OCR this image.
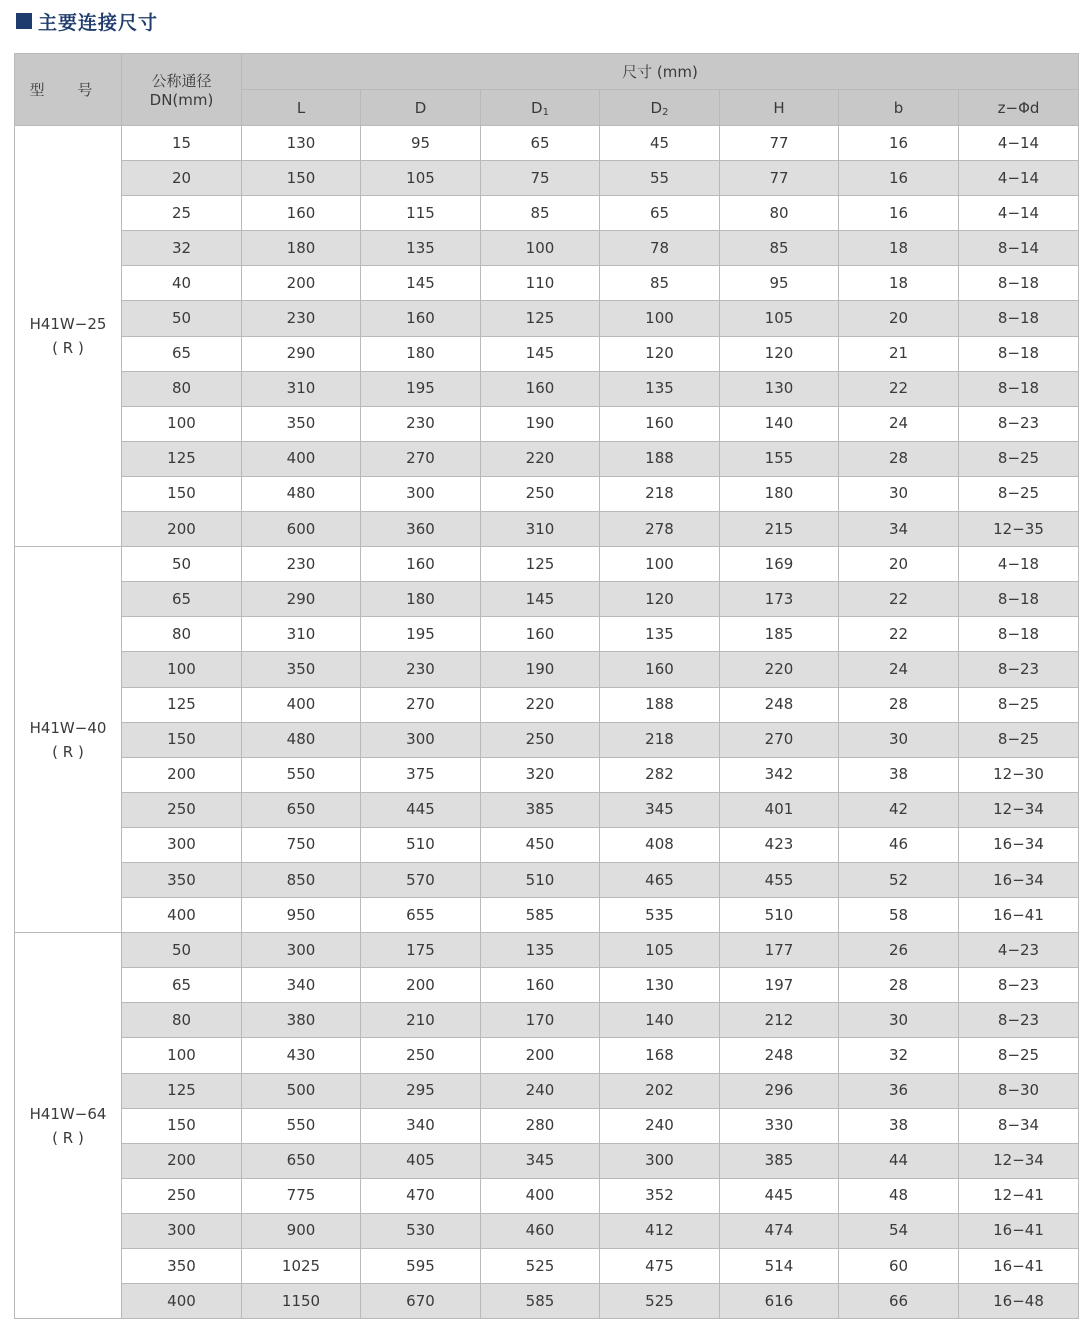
主要连接尺寸
型 号	公称通径
DN(mm)	尺寸 (mm)						
		L	D	$D_1$	$D_2$	H	b	z−Φd

H41W−25
( R )	15	130	95	65	45	77	16	4−14
	20	150	105	75	55	77	16	4−14
	25	160	115	85	65	80	16	4−14
	32	180	135	100	78	85	18	8−14
	40	200	145	110	85	95	18	8−18
	50	230	160	125	100	105	20	8−18
	65	290	180	145	120	120	21	8−18
	80	310	195	160	135	130	22	8−18
	100	350	230	190	160	140	24	8−23
	125	400	270	220	188	155	28	8−25
	150	480	300	250	218	180	30	8−25
	200	600	360	310	278	215	34	12−35

H41W−40
( R )	50	230	160	125	100	169	20	4−18
	65	290	180	145	120	173	22	8−18
	80	310	195	160	135	185	22	8−18
	100	350	230	190	160	220	24	8−23
	125	400	270	220	188	248	28	8−25
	150	480	300	250	218	270	30	8−25
	200	550	375	320	282	342	38	12−30
	250	650	445	385	345	401	42	12−34
	300	750	510	450	408	423	46	16−34
	350	850	570	510	465	455	52	16−34
	400	950	655	585	535	510	58	16−41

H41W−64
( R )	50	300	175	135	105	177	26	4−23
	65	340	200	160	130	197	28	8−23
	80	380	210	170	140	212	30	8−23
	100	430	250	200	168	248	32	8−25
	125	500	295	240	202	296	36	8−30
	150	550	340	280	240	330	38	8−34
	200	650	405	345	300	385	44	12−34
	250	775	470	400	352	445	48	12−41
	300	900	530	460	412	474	54	16−41
	350	1025	595	525	475	514	60	16−41
	400	1150	670	585	525	616	66	16−48
